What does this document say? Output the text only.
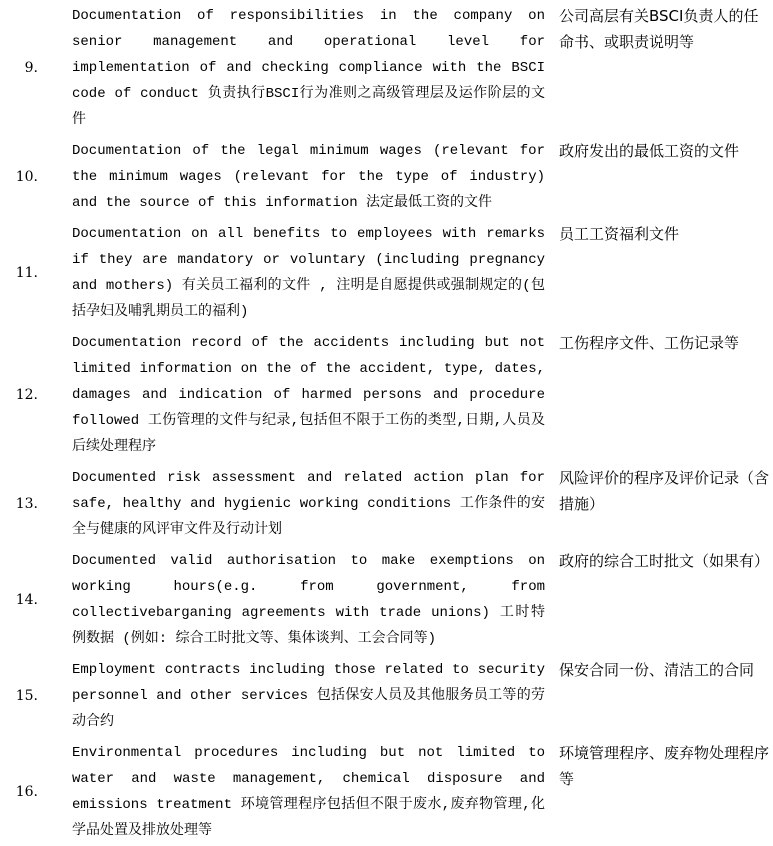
9.	Documentation of responsibilities in the company on senior management and operational level for implementation of and checking compliance with the BSCI code of conduct 负责执行BSCI行为准则之高级管理层及运作阶层的文件	公司高层有关BSCI负责人的任命书、或职责说明等
10.	Documentation of the legal minimum wages (relevant for the minimum wages (relevant for the type of industry) and the source of this information 法定最低工资的文件	政府发出的最低工资的文件
11.	Documentation on all benefits to employees with remarks if they are mandatory or voluntary (including pregnancy and mothers) 有关员工福利的文件 , 注明是自愿提供或强制规定的(包括孕妇及哺乳期员工的福利)	员工工资福利文件
12.	Documentation record of the accidents including but not limited information on the of the accident, type, dates, damages and indication of harmed persons and procedure followed 工伤管理的文件与纪录,包括但不限于工伤的类型,日期,人员及后续处理程序	工伤程序文件、工伤记录等
13.	Documented risk assessment and related action plan for safe, healthy and hygienic working conditions 工作条件的安全与健康的风评审文件及行动计划	风险评价的程序及评价记录（含措施）
14.	Documented valid authorisation to make exemptions on working hours(e.g. from government, from collectivebarganing agreements with trade unions) 工时特例数据 (例如: 综合工时批文等、集体谈判、工会合同等)	政府的综合工时批文（如果有）
15.	Employment contracts including those related to security personnel and other services 包括保安人员及其他服务员工等的劳动合约	保安合同一份、清洁工的合同
16.	Environmental procedures including but not limited to water and waste management, chemical disposure and emissions treatment 环境管理程序包括但不限于废水,废弃物管理,化学品处置及排放处理等	环境管理程序、废弃物处理程序等
